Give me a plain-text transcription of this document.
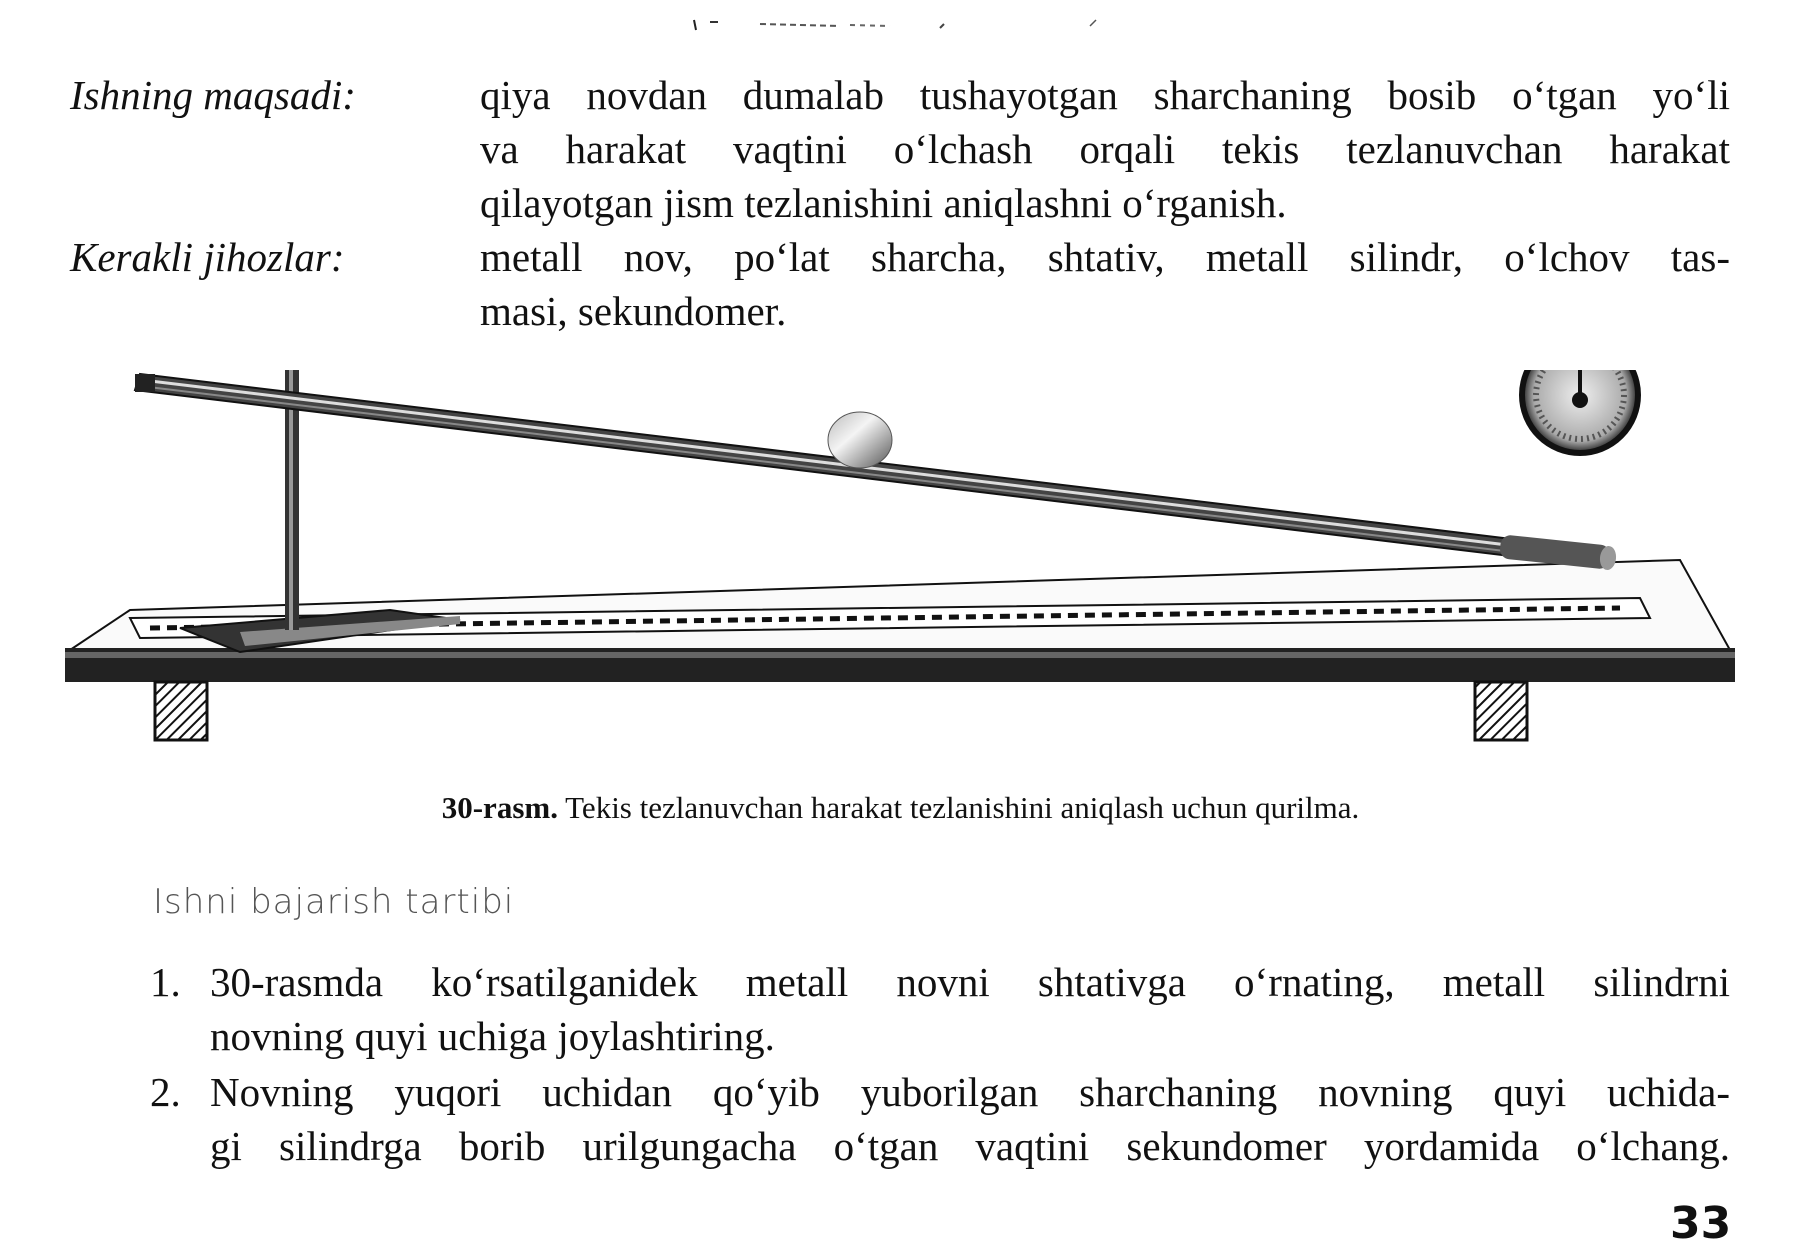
Ishning maqsadi:	qiya novdan dumalab tushayotgan sharchaning bosib o‘tgan yo‘li
va harakat vaqtini o‘lchash orqali tekis tezlanuvchan harakat
qilayotgan jism tezlanishini aniqlashni o‘rganish.
Kerakli jihozlar:	metall nov, po‘lat sharcha, shtativ, metall silindr, o‘lchov tas-
masi, sekundomer.
30-rasm. Tekis tezlanuvchan harakat tezlanishini aniqlash uchun qurilma.
Ishni bajarish tartibi
1. 30-rasmda ko‘rsatilganidek metall novni shtativga o‘rnating, metall silindrni
novning quyi uchiga joylashtiring.
2. Novning yuqori uchidan qo‘yib yuborilgan sharchaning novning quyi uchida-
gi silindrga borib urilgungacha o‘tgan vaqtini sekundomer yordamida o‘lchang.
33
